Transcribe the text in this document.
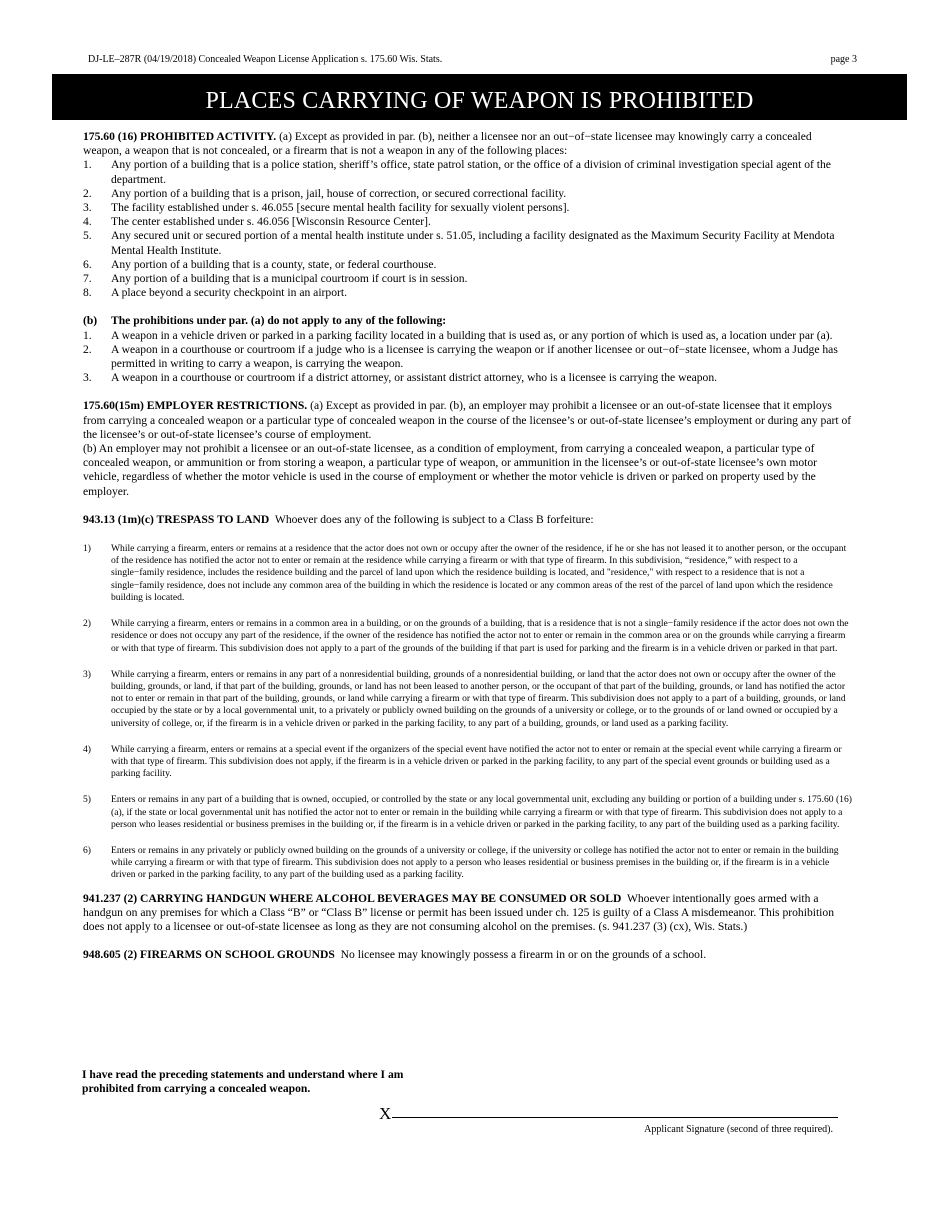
DJ-LE–287R (04/19/2018) Concealed Weapon License Application s. 175.60 Wis. Stats.	page 3
PLACES CARRYING OF WEAPON IS PROHIBITED

175.60 (16) PROHIBITED ACTIVITY. (a) Except as provided in par. (b), neither a licensee nor an out−of−state licensee may knowingly carry a concealed weapon, a weapon that is not concealed, or a firearm that is not a weapon in any of the following places:

1.	Any portion of a building that is a police station, sheriff’s office, state patrol station, or the office of a division of criminal investigation special agent of the department.
2.	Any portion of a building that is a prison, jail, house of correction, or secured correctional facility.
3.	The facility established under s. 46.055 [secure mental health facility for sexually violent persons].
4.	The center established under s. 46.056 [Wisconsin Resource Center].
5.	Any secured unit or secured portion of a mental health institute under s. 51.05, including a facility designated as the Maximum Security Facility at Mendota Mental Health Institute.
6.	Any portion of a building that is a county, state, or federal courthouse.
7.	Any portion of a building that is a municipal courtroom if court is in session.
8.	A place beyond a security checkpoint in an airport.
(b)	The prohibitions under par. (a) do not apply to any of the following:
1.	A weapon in a vehicle driven or parked in a parking facility located in a building that is used as, or any portion of which is used as, a location under par (a).
2.	A weapon in a courthouse or courtroom if a judge who is a licensee is carrying the weapon or if another licensee or out−of−state licensee, whom a Judge has permitted in writing to carry a weapon, is carrying the weapon.
3.	A weapon in a courthouse or courtroom if a district attorney, or assistant district attorney, who is a licensee is carrying the weapon.

175.60(15m) EMPLOYER RESTRICTIONS. (a) Except as provided in par. (b), an employer may prohibit a licensee or an out-of-state licensee that it employs from carrying a concealed weapon or a particular type of concealed weapon in the course of the licensee’s or out-of-state licensee’s employment or during any part of the licensee’s or out-of-state licensee’s course of employment.

(b) An employer may not prohibit a licensee or an out-of-state licensee, as a condition of employment, from carrying a concealed weapon, a particular type of concealed weapon, or ammunition or from storing a weapon, a particular type of weapon, or ammunition in the licensee’s or out-of-state licensee’s own motor vehicle, regardless of whether the motor vehicle is used in the course of employment or whether the motor vehicle is driven or parked on property used by the employer.

943.13 (1m)(c) TRESPASS TO LAND Whoever does any of the following is subject to a Class B forfeiture:

1)	While carrying a firearm, enters or remains at a residence that the actor does not own or occupy after the owner of the residence, if he or she has not leased it to another person, or the occupant of the residence has notified the actor not to enter or remain at the residence while carrying a firearm or with that type of firearm. In this subdivision, “residence,” with respect to a single−family residence, includes the residence building and the parcel of land upon which the residence building is located, and "residence," with respect to a residence that is not a single−family residence, does not include any common area of the building in which the residence is located or any common areas of the rest of the parcel of land upon which the residence building is located.
2)	While carrying a firearm, enters or remains in a common area in a building, or on the grounds of a building, that is a residence that is not a single−family residence if the actor does not own the residence or does not occupy any part of the residence, if the owner of the residence has notified the actor not to enter or remain in the common area or on the grounds while carrying a firearm or with that type of firearm. This subdivision does not apply to a part of the grounds of the building if that part is used for parking and the firearm is in a vehicle driven or parked in that part.
3)	While carrying a firearm, enters or remains in any part of a nonresidential building, grounds of a nonresidential building, or land that the actor does not own or occupy after the owner of the building, grounds, or land, if that part of the building, grounds, or land has not been leased to another person, or the occupant of that part of the building, grounds, or land has notified the actor not to enter or remain in that part of the building, grounds, or land while carrying a firearm or with that type of firearm. This subdivision does not apply to a part of a building, grounds, or land occupied by the state or by a local governmental unit, to a privately or publicly owned building on the grounds of a university or college, or to the grounds of or land owned or occupied by a university of college, or, if the firearm is in a vehicle driven or parked in the parking facility, to any part of a building, grounds, or land used as a parking facility.
4)	While carrying a firearm, enters or remains at a special event if the organizers of the special event have notified the actor not to enter or remain at the special event while carrying a firearm or with that type of firearm. This subdivision does not apply, if the firearm is in a vehicle driven or parked in the parking facility, to any part of the special event grounds or building used as a parking facility.
5)	Enters or remains in any part of a building that is owned, occupied, or controlled by the state or any local governmental unit, excluding any building or portion of a building under s. 175.60 (16) (a), if the state or local governmental unit has notified the actor not to enter or remain in the building while carrying a firearm or with that type of firearm. This subdivision does not apply to a person who leases residential or business premises in the building or, if the firearm is in a vehicle driven or parked in the parking facility, to any part of the building used as a parking facility.
6)	Enters or remains in any privately or publicly owned building on the grounds of a university or college, if the university or college has notified the actor not to enter or remain in the building while carrying a firearm or with that type of firearm. This subdivision does not apply to a person who leases residential or business premises in the building or, if the firearm is in a vehicle driven or parked in the parking facility, to any part of the building used as a parking facility.

941.237 (2) CARRYING HANDGUN WHERE ALCOHOL BEVERAGES MAY BE CONSUMED OR SOLD Whoever intentionally goes armed with a handgun on any premises for which a Class “B” or “Class B” license or permit has been issued under ch. 125 is guilty of a Class A misdemeanor. This prohibition does not apply to a licensee or out-of-state licensee as long as they are not consuming alcohol on the premises. (s. 941.237 (3) (cx), Wis. Stats.)

948.605 (2) FIREARMS ON SCHOOL GROUNDS No licensee may knowingly possess a firearm in or on the grounds of a school.

I have read the preceding statements and understand where I am prohibited from carrying a concealed weapon.
X
Applicant Signature (second of three required).
